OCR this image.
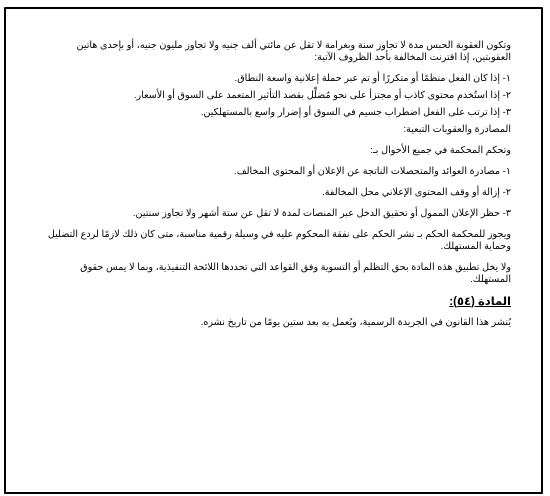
وتكون العقوبة الحبس مدة لا تجاوز سنة وبغرامة لا تقل عن مائتي ألف جنيه ولا تجاوز مليون جنيه، أو بإحدى هاتين العقوبتين، إذا اقترنت المخالفة بأحد الظروف الآتية:

١- إذا كان الفعل منظمًا أو متكررًا أو تم عبر حملة إعلانية واسعة النطاق.

٢- إذا استُخدم محتوى كاذب أو مجتزأ على نحو مُضلِّل بقصد التأثير المتعمد على السوق أو الأسعار.

٣- إذا ترتب على الفعل اضطراب جسيم في السوق أو إضرار واسع بالمستهلكين.

المصادرة والعقوبات التبعية:

وتحكم المحكمة في جميع الأحوال بـ:

١- مصادرة العوائد والمتحصلات الناتجة عن الإعلان أو المحتوى المخالف.

٢- إزالة أو وقف المحتوى الإعلاني محل المخالفة.

٣- حظر الإعلان الممول أو تحقيق الدخل عبر المنصات لمدة لا تقل عن ستة أشهر ولا تجاوز سنتين.

ويجوز للمحكمة الحكم بـ نشر الحكم على نفقة المحكوم عليه في وسيلة رقمية مناسبة، متى كان ذلك لازمًا لردع التضليل وحماية المستهلك.

ولا يخل تطبيق هذه المادة بحق التظلم أو التسوية وفق القواعد التي تحددها اللائحة التنفيذية، وبما لا يمس حقوق المستهلك.

المادة (٥٤):

يُنشر هذا القانون في الجريدة الرسمية، ويُعمل به بعد ستين يومًا من تاريخ نشره.
